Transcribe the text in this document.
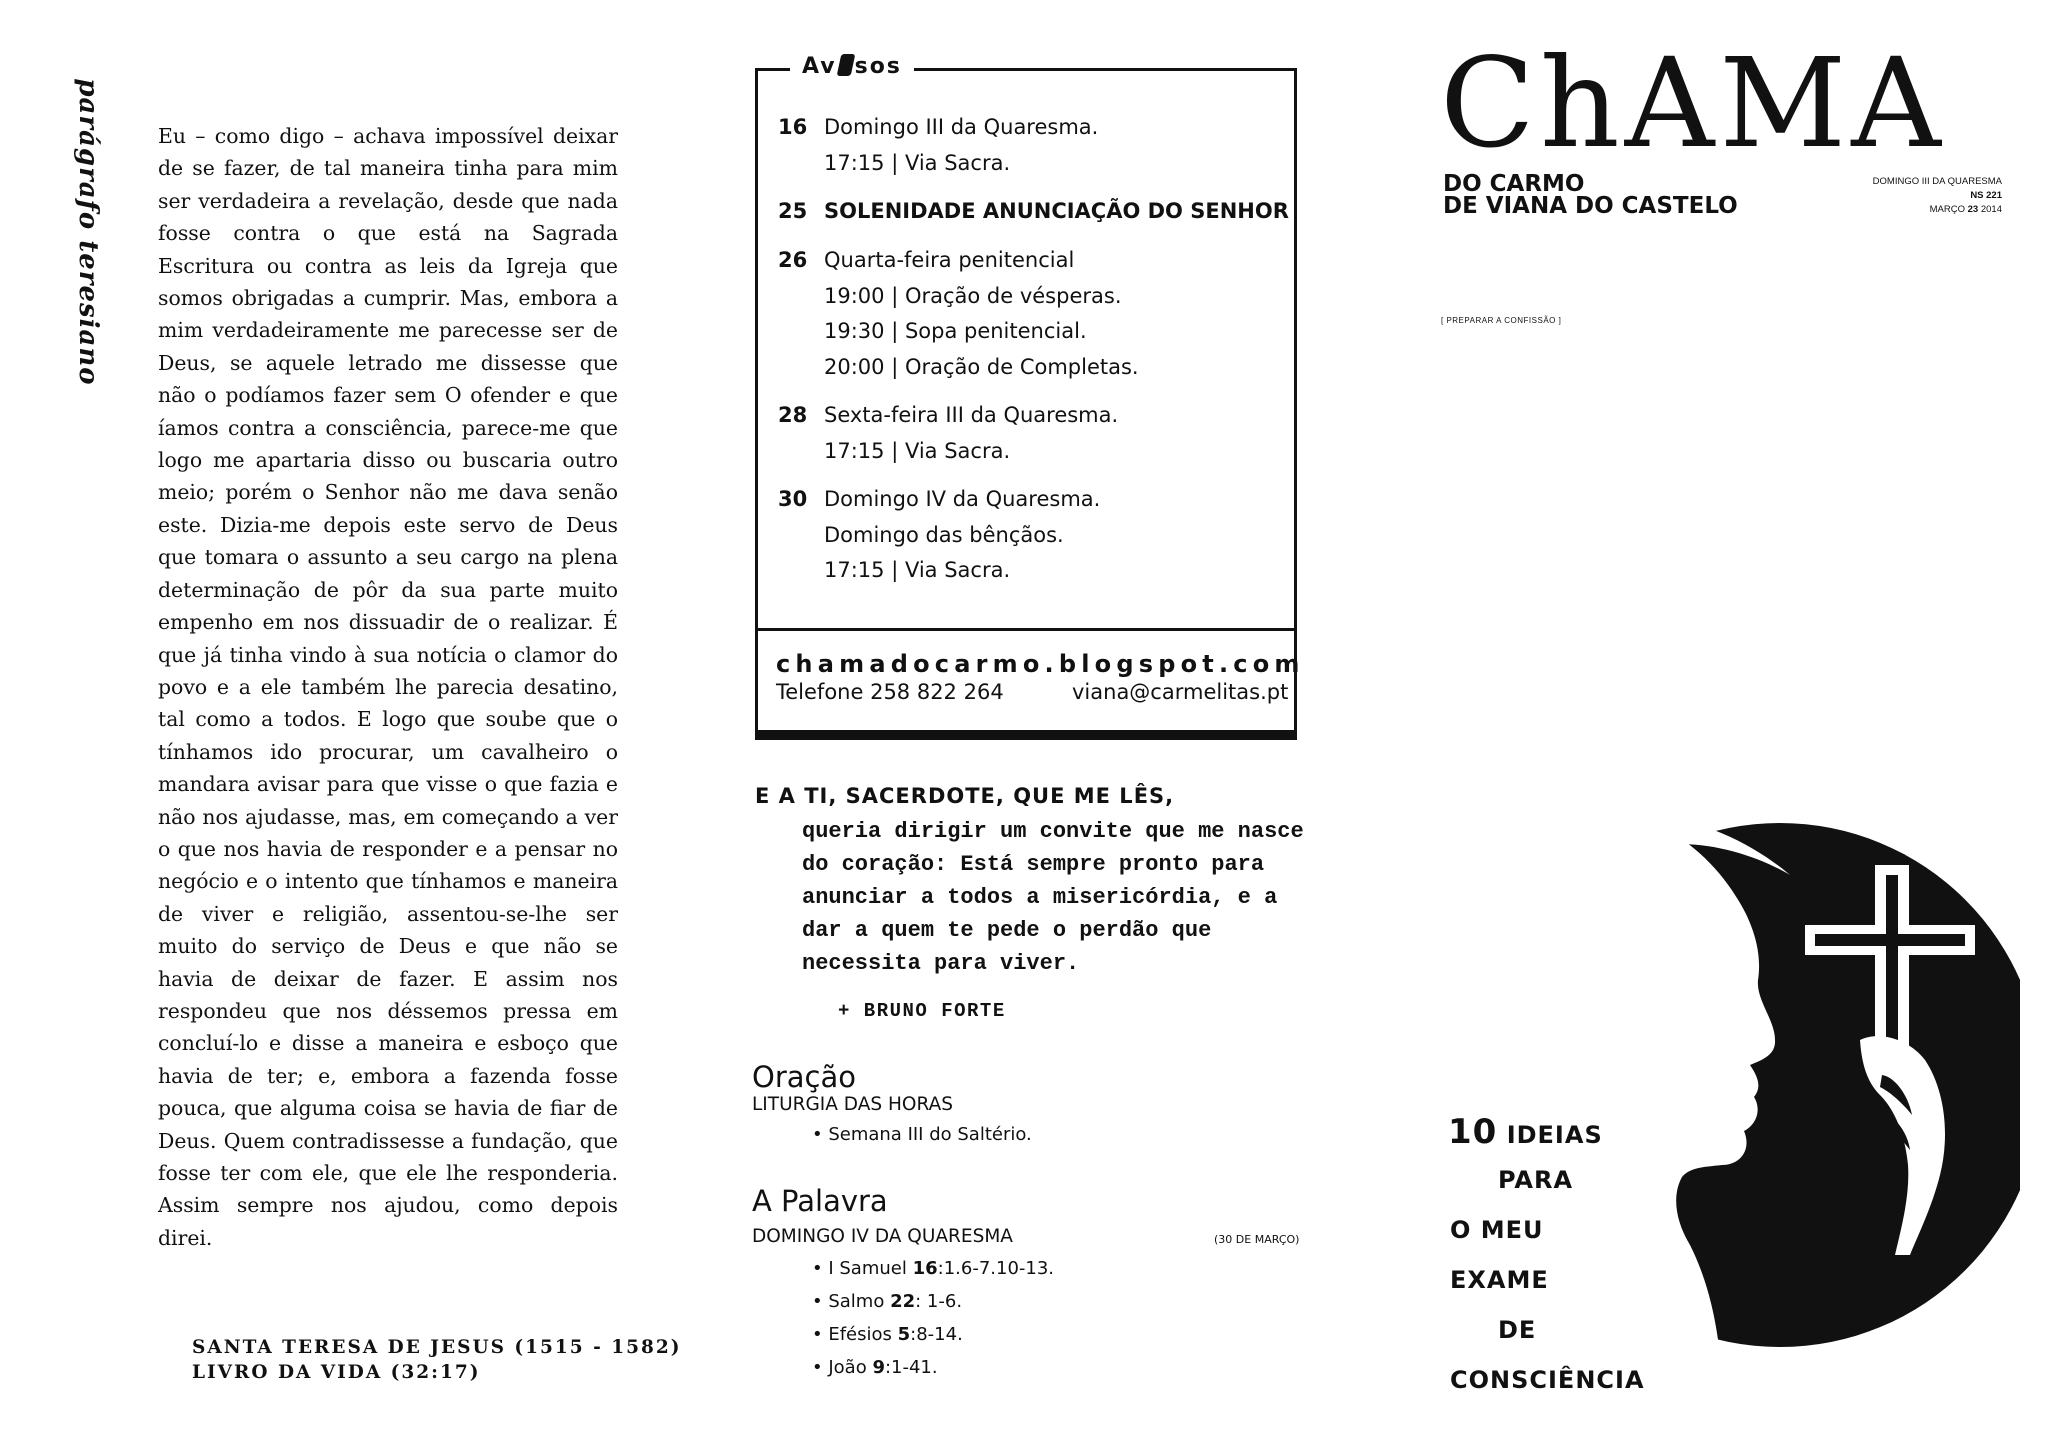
parágrafo teresiano	Eu – como digo – achava impossível deixar de se fazer, de tal maneira tinha para mim ser verdadeira a revelação, desde que nada fosse contra o que está na Sagrada Escritura ou contra as leis da Igreja que somos obrigadas a cumprir. Mas, embora a mim verdadeiramente me parecesse ser de Deus, se aquele letrado me dissesse que não o podíamos fazer sem O ofender e que íamos contra a consciência, parece-me que logo me apartaria disso ou buscaria outro meio; porém o Senhor não me dava senão este. Dizia-me depois este servo de Deus que tomara o assunto a seu cargo na plena determinação de pôr da sua parte muito empenho em nos dissuadir de o realizar. É que já tinha vindo à sua notícia o clamor do povo e a ele também lhe parecia desatino, tal como a todos. E logo que soube que o tínhamos ido procurar, um cavalheiro o mandara avisar para que visse o que fazia e não nos ajudasse, mas, em começando a ver o que nos havia de responder e a pensar no negócio e o intento que tínhamos e maneira de viver e religião, assentou-se-lhe ser muito do serviço de Deus e que não se havia de deixar de fazer. E assim nos respondeu que nos déssemos pressa em concluí-lo e disse a maneira e esboço que havia de ter; e, embora a fazenda fosse pouca, que alguma coisa se havia de fiar de Deus. Quem contradissesse a fundação, que fosse ter com ele, que ele lhe responderia. Assim sempre nos ajudou, como depois direi.

SANTA TERESA DE JESUS (1515 - 1582)
LIVRO DA VIDA (32:17)
Av sos
16 Domingo III da Quaresma.
17:15 | Via Sacra.
25 SOLENIDADE ANUNCIAÇÃO DO SENHOR
26 Quarta-feira penitencial
19:00 | Oração de vésperas.
19:30 | Sopa penitencial.
20:00 | Oração de Completas.
28 Sexta-feira III da Quaresma.
17:15 | Via Sacra.
30 Domingo IV da Quaresma.
Domingo das bênçãos.
17:15 | Via Sacra.
chamadocarmo.blogspot.com
Telefone 258 822 264	viana@carmelitas.pt
E A TI, SACERDOTE, QUE ME LÊS,

queria dirigir um convite que me nasce do coração: Está sempre pronto para anunciar a todos a misericórdia, e a dar a quem te pede o perdão que necessita para viver.

+ BRUNO FORTE
Oração
LITURGIA DAS HORAS
• Semana III do Saltério.
A Palavra
DOMINGO IV DA QUARESMA	(30 DE MARÇO)
• I Samuel 16:1.6-7.10-13.
• Salmo 22: 1-6.
• Efésios 5:8-14.
• João 9:1-41.
ChAMA
DO CARMO
DE VIANA DO CASTELO
DOMINGO III DA QUARESMA
NS 221
MARÇO 23 2014
[ PREPARAR A CONFISSÃO ]
10 IDEIAS
PARA
O MEU
EXAME
DE
CONSCIÊNCIA
